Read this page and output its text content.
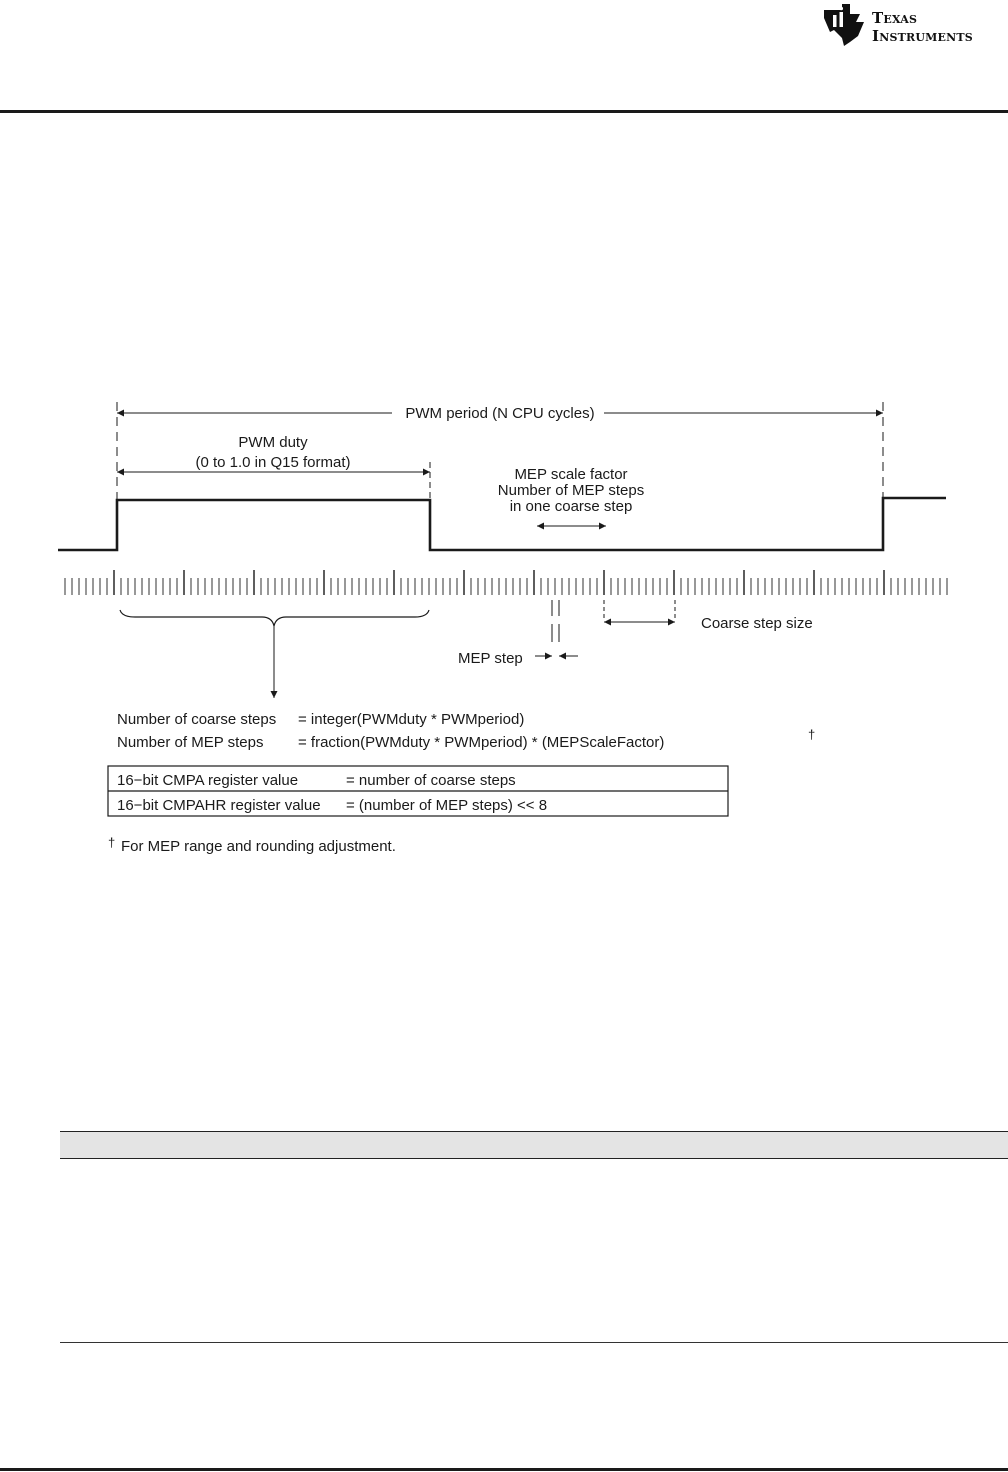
Texas
Instruments
PWM period (N CPU cycles)
PWM duty
(0 to 1.0 in Q15 format)
MEP scale factor
Number of MEP steps
in one coarse step
Coarse step size
MEP step
Number of coarse steps = integer(PWMduty * PWMperiod)
Number of MEP steps = fraction(PWMduty * PWMperiod) * (MEPScaleFactor)	†
16−bit CMPA register value	= number of coarse steps
16−bit CMPAHR register value = (number of MEP steps) << 8
† For MEP range and rounding adjustment.
